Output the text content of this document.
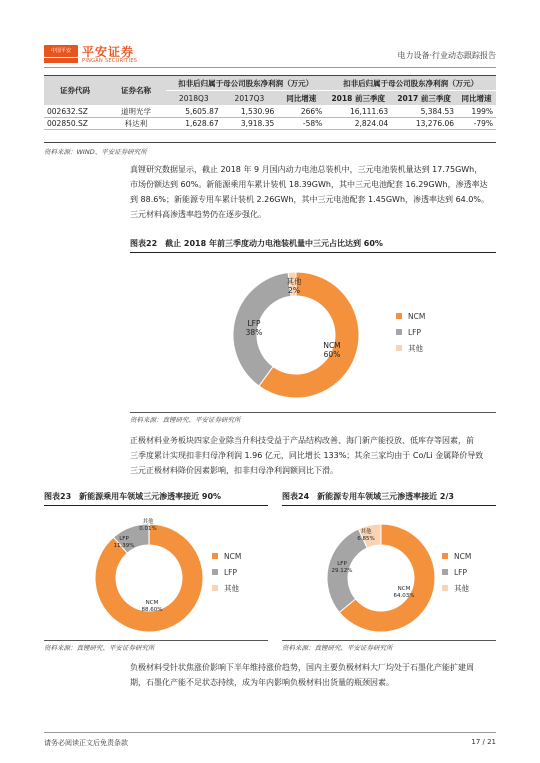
中国平安 平安证券
PINGAN SECURITIES
电力设备·行业动态跟踪报告
证券代码	证券名称	扣非后归属于母公司股东净利润（万元）			扣非后归属于母公司股东净利润（万元）		
		2018Q3	2017Q3	同比增速	2018 前三季度	2017 前三季度	同比增速
002632.SZ	道明光学	5,605.87	1,530.96	266%	16,111.63	5,384.53	199%
002850.SZ	科达利	1,628.67	3,918.35	-58%	2,824.04	13,276.06	-79%
资料来源：WIND、平安证券研究所
真锂研究数据显示，截止 2018 年 9 月国内动力电池总装机中，三元电池装机量达到 17.75GWh，
市场份额达到 60%。新能源乘用车累计装机 18.39GWh，其中三元电池配套 16.29GWh，渗透率达
到 88.6%；新能源专用车累计装机 2.26GWh，其中三元电池配套 1.45GWh，渗透率达到 64.0%。
三元材料高渗透率趋势仍在逐步强化。
图表22　截止 2018 年前三季度动力电池装机量中三元占比达到 60%
NCM
60%
LFP
38%
其他
2%
NCM
LFP
其他
资料来源：真锂研究、平安证券研究所
正极材料业务板块四家企业除当升科技受益于产品结构改善、海门新产能投放、低库存等因素，前
三季度累计实现扣非归母净利润 1.96 亿元，同比增长 133%；其余三家均由于 Co/Li 金属降价导致
三元正极材料降价因素影响，扣非归母净利润额同比下滑。
图表23　新能源乘用车领域三元渗透率接近 90%
NCM
88.60%
LFP
11.39%
其他
0.01%
NCM
LFP
其他
资料来源：真锂研究、平安证券研究所
图表24　新能源专用车领域三元渗透率接近 2/3
NCM
64.03%
LFP
29.12%
其他
6.85%
NCM
LFP
其他
资料来源：真锂研究、平安证券研究所
负极材料受针状焦涨价影响下半年维持涨价趋势，国内主要负极材料大厂均处于石墨化产能扩建周
期，石墨化产能不足状态持续，成为年内影响负极材料出货量的瓶颈因素。
请务必阅读正文后免责条款	17 / 21
